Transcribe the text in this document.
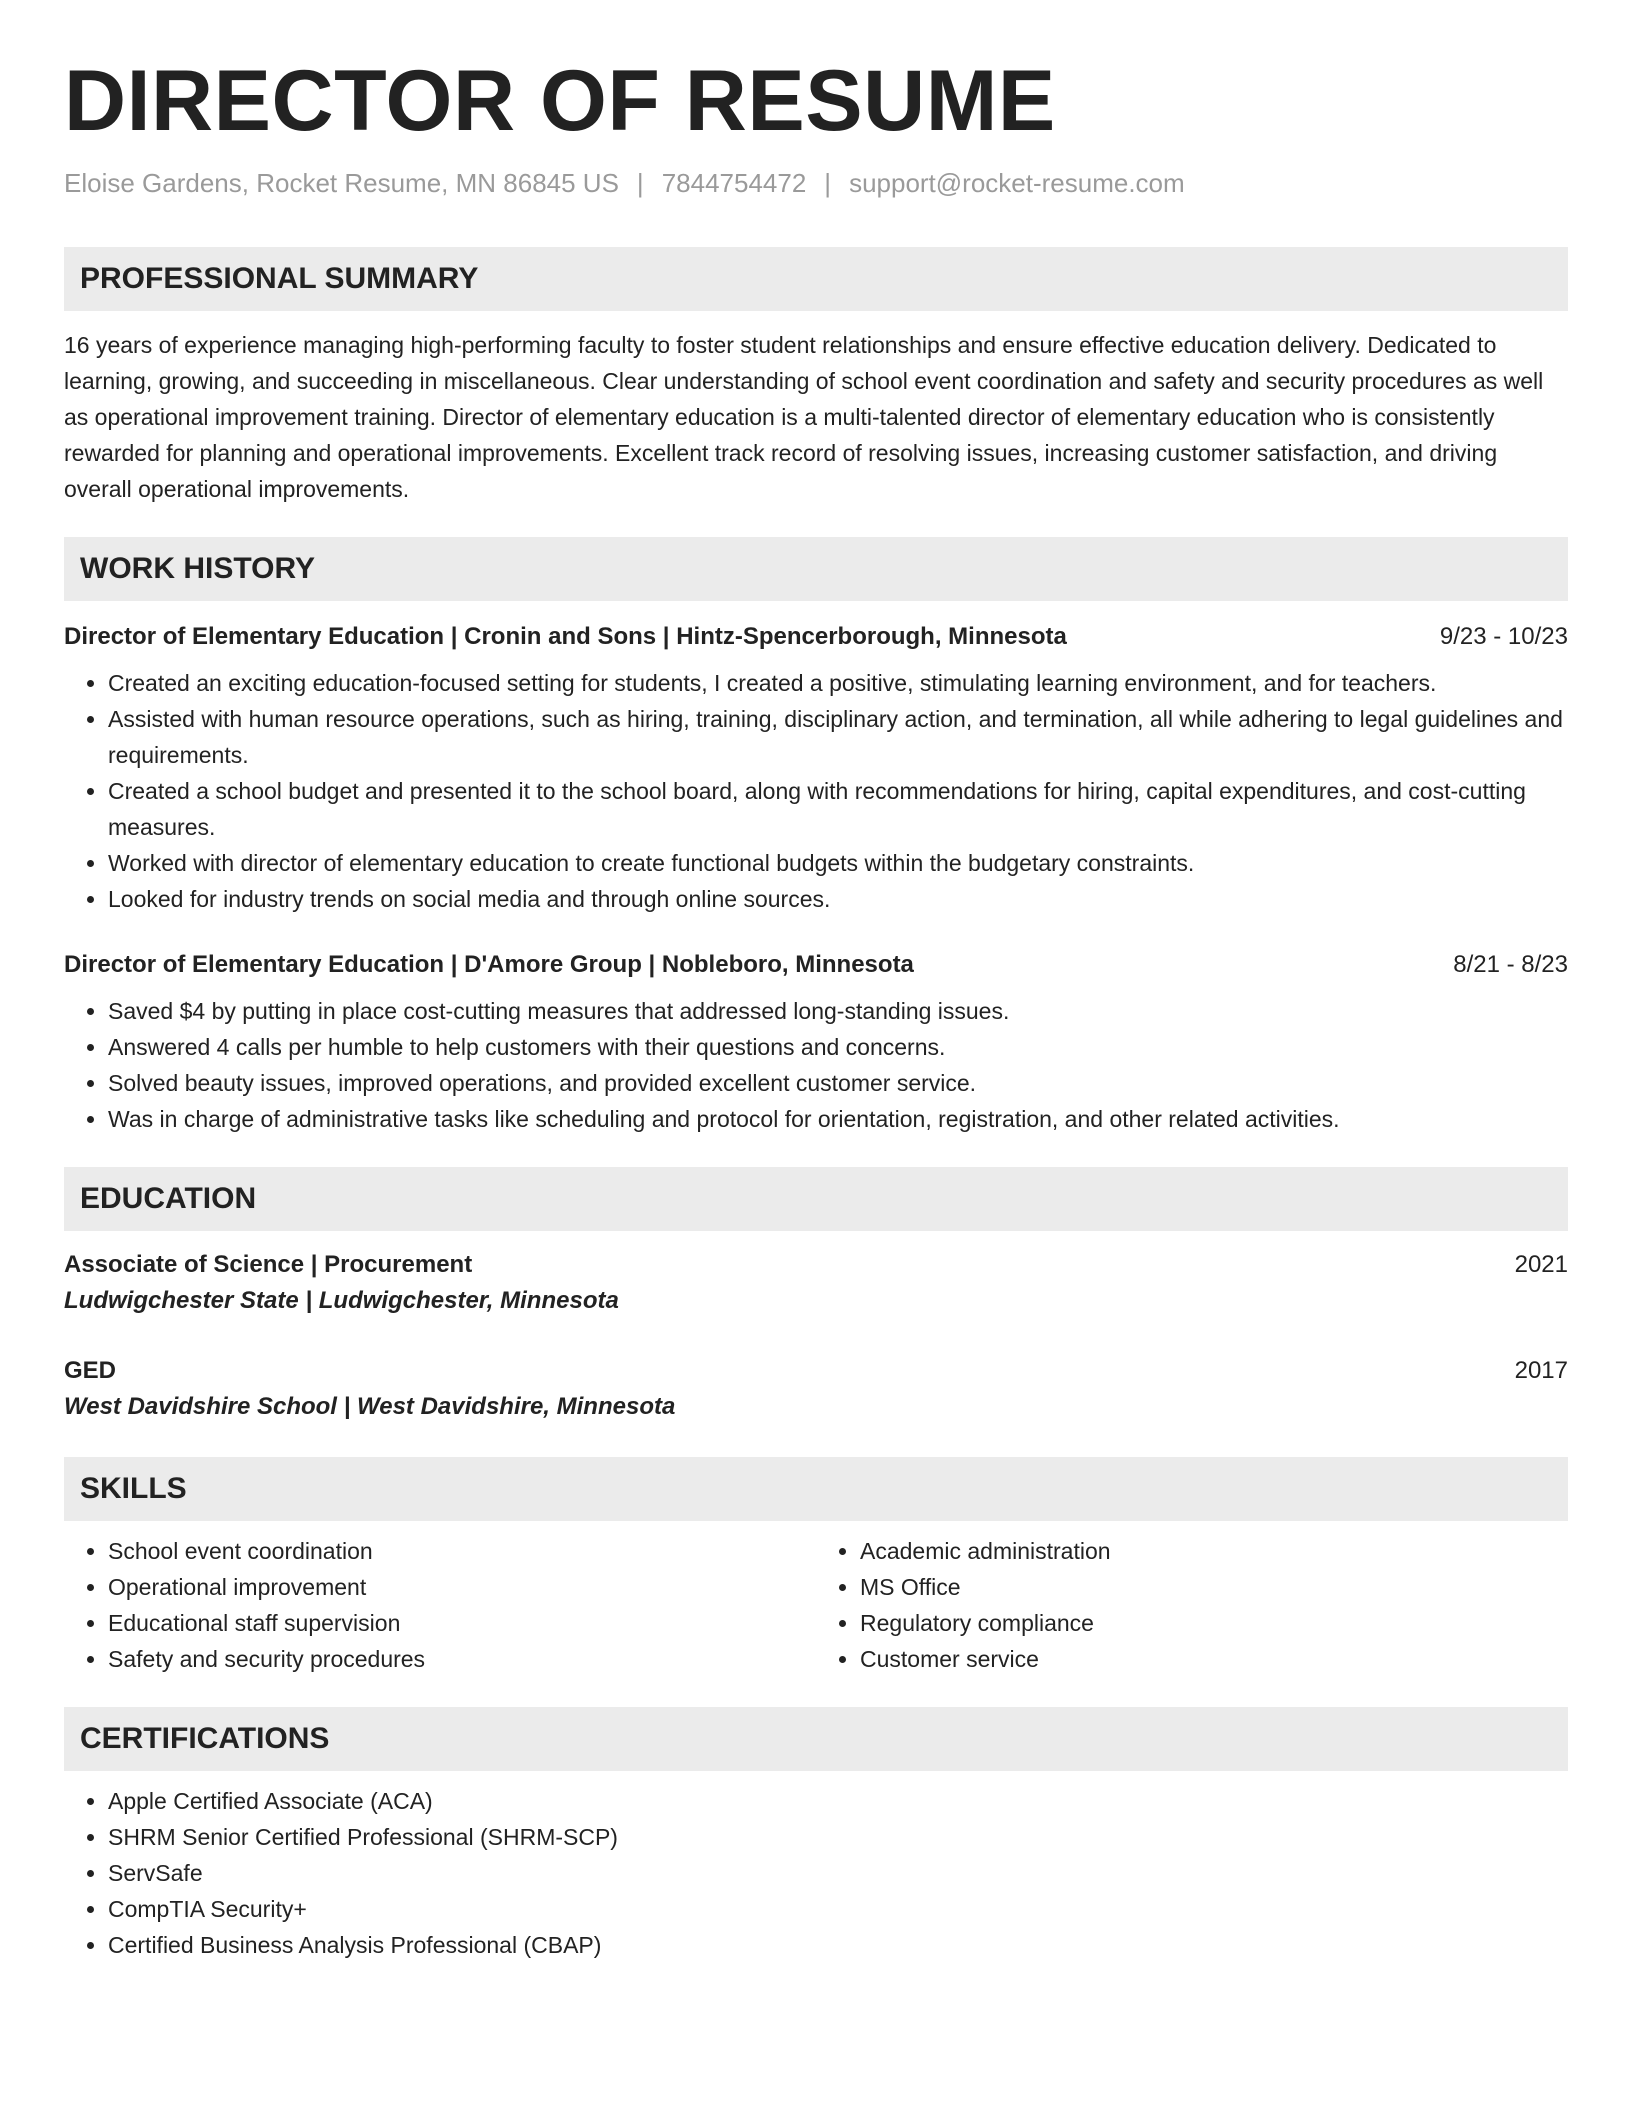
DIRECTOR OF RESUME
Eloise Gardens, Rocket Resume, MN 86845 US | 7844754472 | support@rocket-resume.com
PROFESSIONAL SUMMARY

16 years of experience managing high-performing faculty to foster student relationships and ensure effective education delivery. Dedicated to learning, growing, and succeeding in miscellaneous. Clear understanding of school event coordination and safety and security procedures as well as operational improvement training. Director of elementary education is a multi-talented director of elementary education who is consistently rewarded for planning and operational improvements. Excellent track record of resolving issues, increasing customer satisfaction, and driving overall operational improvements.

WORK HISTORY
Director of Elementary Education | Cronin and Sons | Hintz-Spencerborough, Minnesota	9/23 - 10/23
• Created an exciting education-focused setting for students, I created a positive, stimulating learning environment, and for teachers.
• Assisted with human resource operations, such as hiring, training, disciplinary action, and termination, all while adhering to legal guidelines and requirements.
• Created a school budget and presented it to the school board, along with recommendations for hiring, capital expenditures, and cost-cutting measures.
• Worked with director of elementary education to create functional budgets within the budgetary constraints.
• Looked for industry trends on social media and through online sources.
Director of Elementary Education | D'Amore Group | Nobleboro, Minnesota	8/21 - 8/23
• Saved $4 by putting in place cost-cutting measures that addressed long-standing issues.
• Answered 4 calls per humble to help customers with their questions and concerns.
• Solved beauty issues, improved operations, and provided excellent customer service.
• Was in charge of administrative tasks like scheduling and protocol for orientation, registration, and other related activities.
EDUCATION
Associate of Science | Procurement	2021
Ludwigchester State | Ludwigchester, Minnesota
GED	2017
West Davidshire School | West Davidshire, Minnesota
SKILLS
• School event coordination
• Operational improvement
• Educational staff supervision
• Safety and security procedures
• Academic administration
• MS Office
• Regulatory compliance
• Customer service
CERTIFICATIONS
• Apple Certified Associate (ACA)
• SHRM Senior Certified Professional (SHRM-SCP)
• ServSafe
• CompTIA Security+
• Certified Business Analysis Professional (CBAP)
